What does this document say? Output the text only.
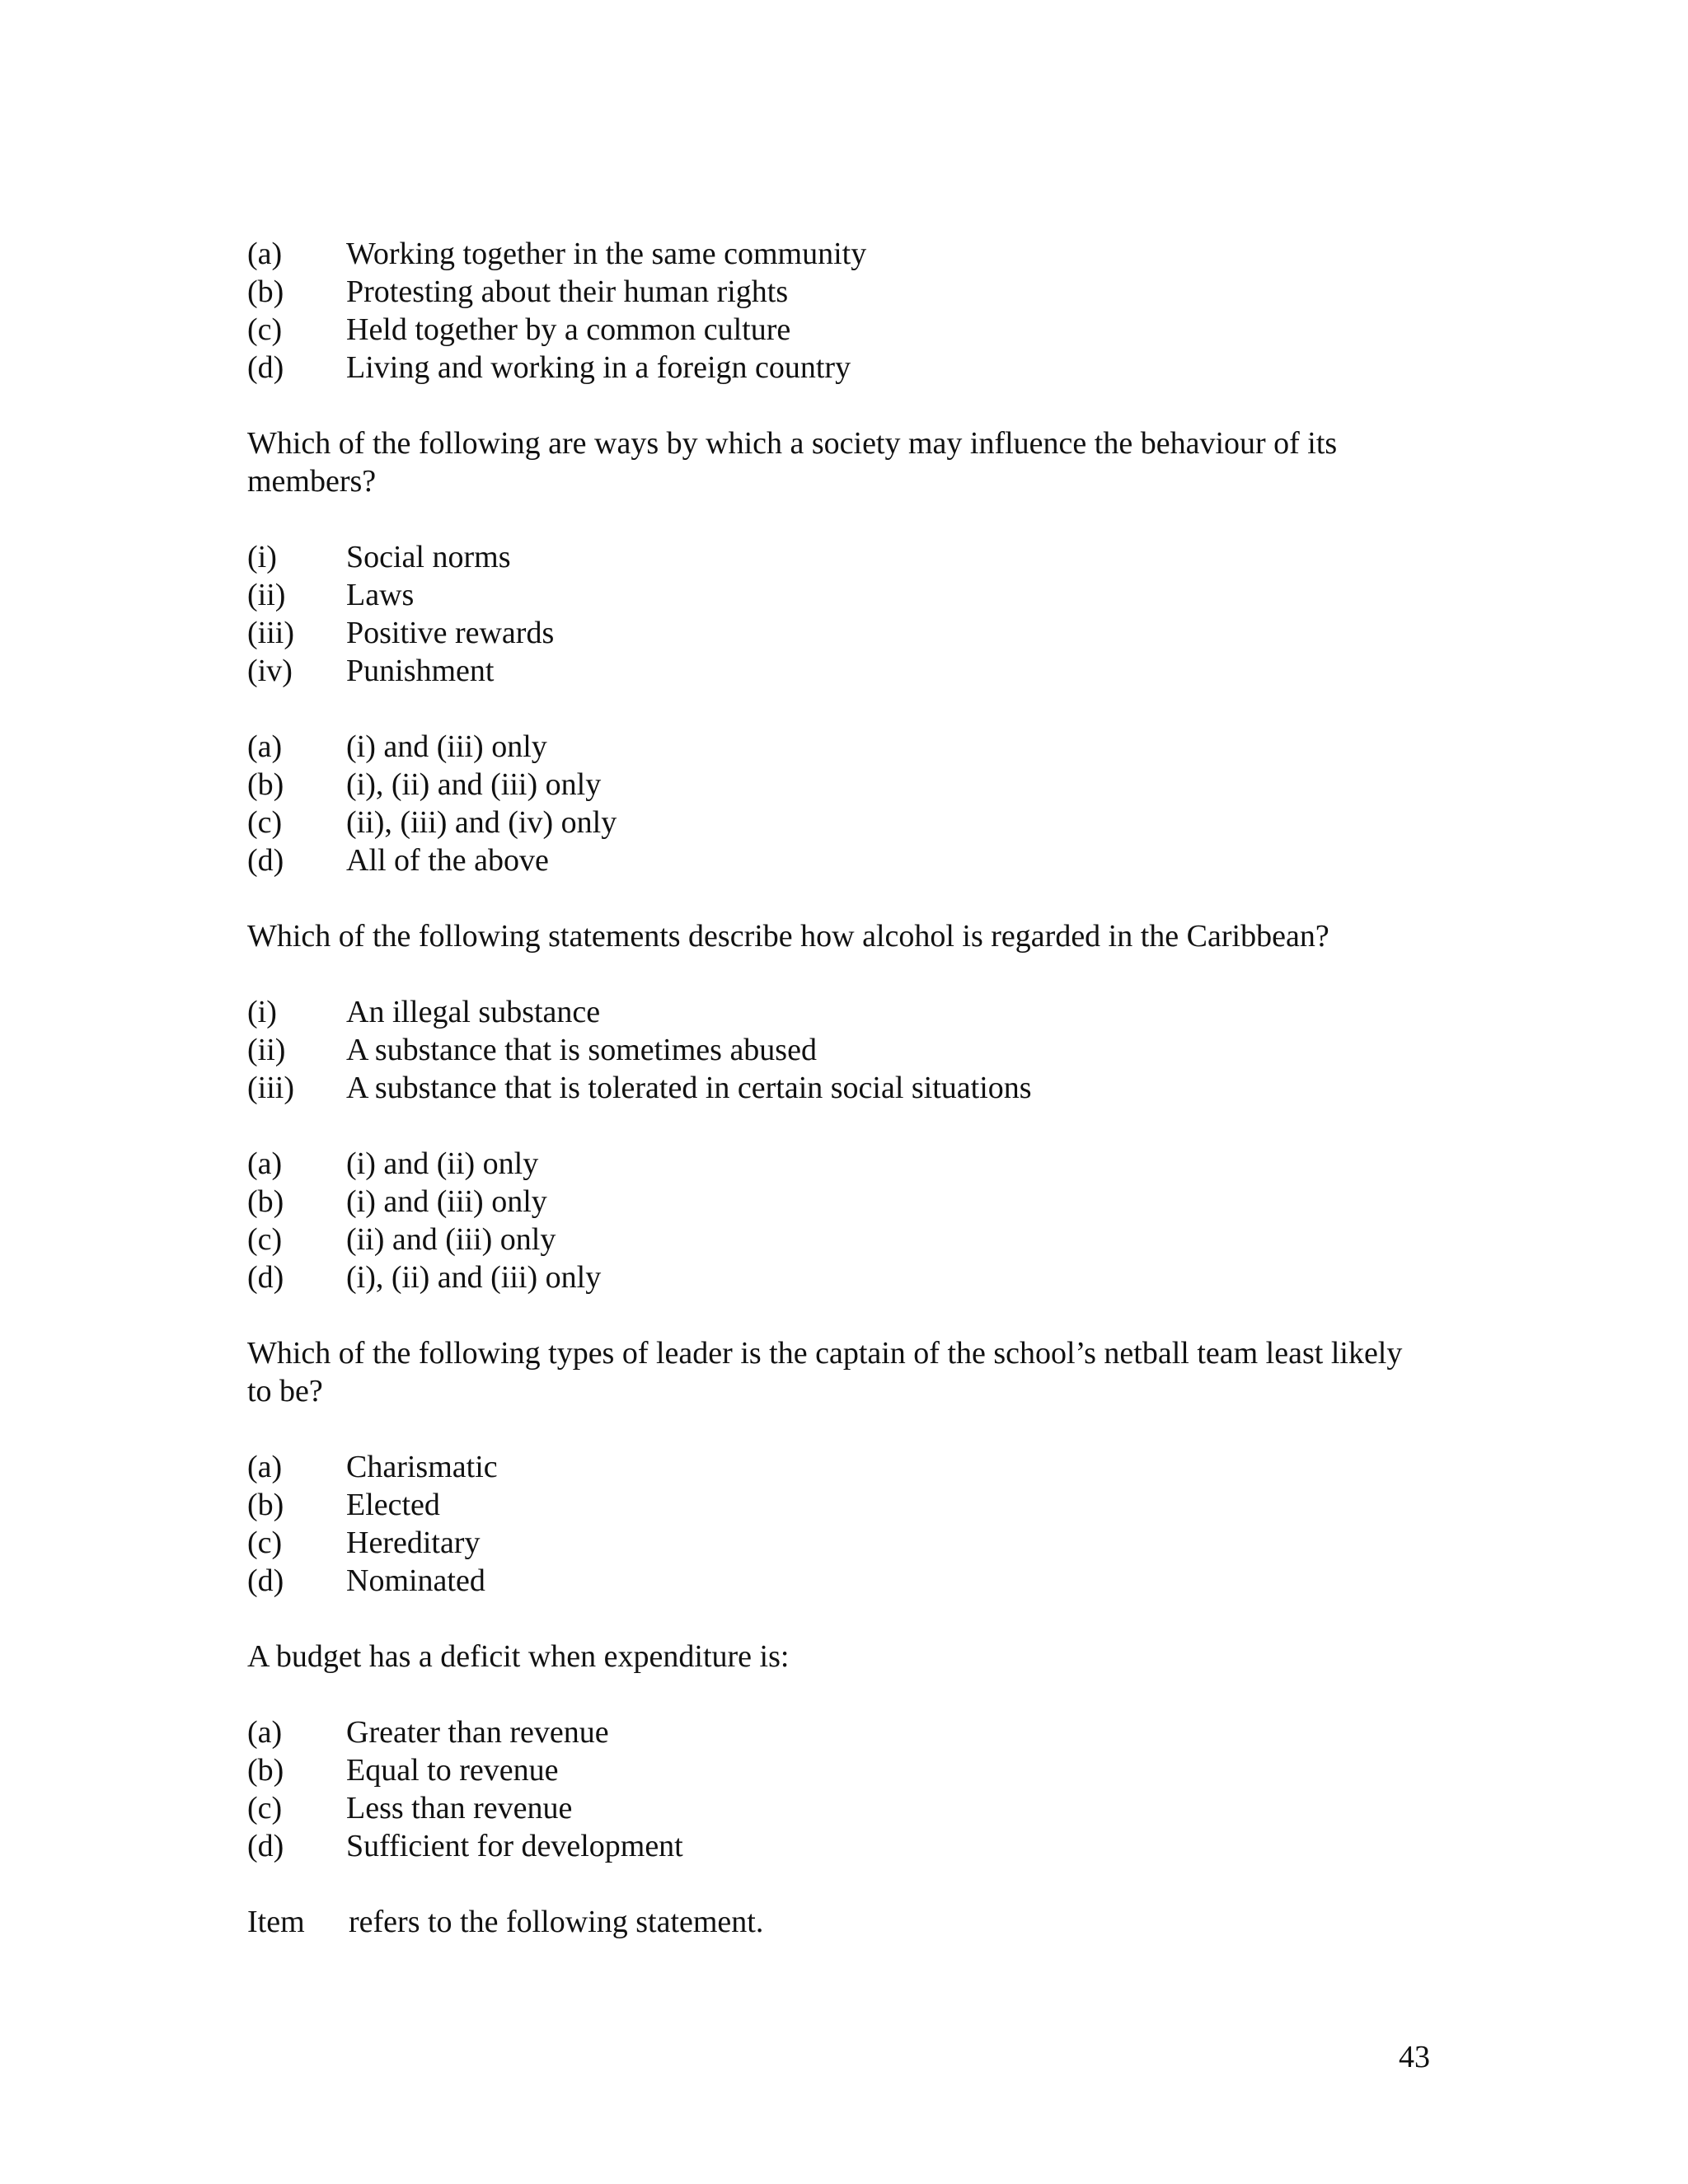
(a)	Working together in the same community
(b)	Protesting about their human rights
(c)	Held together by a common culture
(d)	Living and working in a foreign country
Which of the following are ways by which a society may influence the behaviour of its members?
(i)	Social norms
(ii)	Laws
(iii)	Positive rewards
(iv)	Punishment
(a)	(i) and (iii) only
(b)	(i), (ii) and (iii) only
(c)	(ii), (iii) and (iv) only
(d)	All of the above
Which of the following statements describe how alcohol is regarded in the Caribbean?
(i)	An illegal substance
(ii)	A substance that is sometimes abused
(iii)	A substance that is tolerated in certain social situations
(a)	(i) and (ii) only
(b)	(i) and (iii) only
(c)	(ii) and (iii) only
(d)	(i), (ii) and (iii) only
Which of the following types of leader is the captain of the school’s netball team least likely to be?
(a)	Charismatic
(b)	Elected
(c)	Hereditary
(d)	Nominated
A budget has a deficit when expenditure is:
(a)	Greater than revenue
(b)	Equal to revenue
(c)	Less than revenue
(d)	Sufficient for development
Item	refers to the following statement.
43
